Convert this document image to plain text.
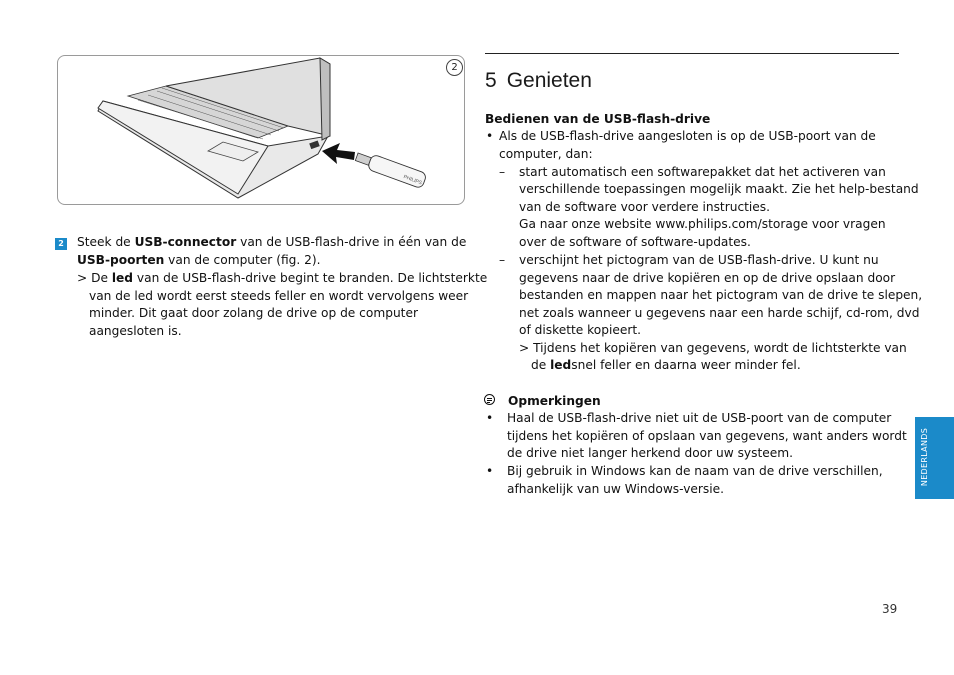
PHILIPS
2
2 Steek de USB-connector van de USB-flash-drive in één van de
USB-poorten van de computer (fig. 2).
> De led van de USB-flash-drive begint te branden. De lichtsterkte
van de led wordt eerst steeds feller en wordt vervolgens weer
minder. Dit gaat door zolang de drive op de computer
aangesloten is.
5 Genieten
Bedienen van de USB-flash-drive
• Als de USB-flash-drive aangesloten is op de USB-poort van de
computer, dan:
– start automatisch een softwarepakket dat het activeren van
verschillende toepassingen mogelijk maakt. Zie het help-bestand
van de software voor verdere instructies.
Ga naar onze website www.philips.com/storage voor vragen
over de software of software-updates.
– verschijnt het pictogram van de USB-flash-drive. U kunt nu
gegevens naar de drive kopiëren en op de drive opslaan door
bestanden en mappen naar het pictogram van de drive te slepen,
net zoals wanneer u gegevens naar een harde schijf, cd-rom, dvd
of diskette kopieert.
> Tijdens het kopiëren van gegevens, wordt de lichtsterkte van
de ledsnel feller en daarna weer minder fel.
Opmerkingen
• Haal de USB-flash-drive niet uit de USB-poort van de computer
tijdens het kopiëren of opslaan van gegevens, want anders wordt
de drive niet langer herkend door uw systeem.
• Bij gebruik in Windows kan de naam van de drive verschillen,
afhankelijk van uw Windows-versie.
NEDERLANDS
39
